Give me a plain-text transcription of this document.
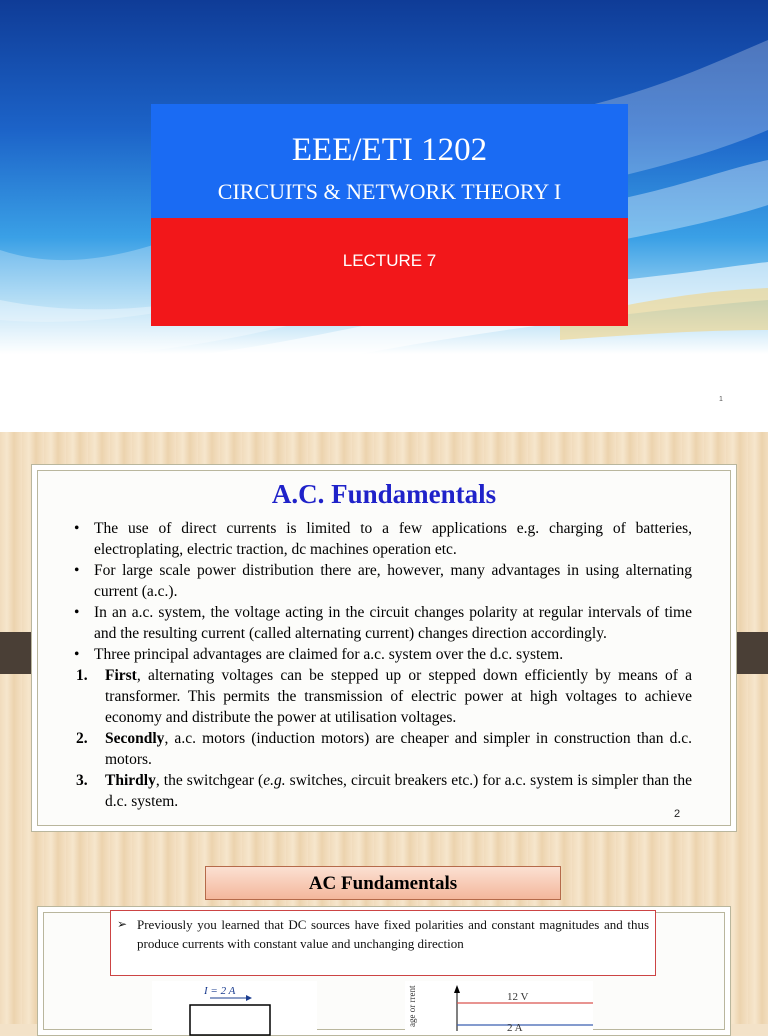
EEE/ETI 1202
CIRCUITS & NETWORK THEORY I
LECTURE 7
1
A.C. Fundamentals
• The use of direct currents is limited to a few applications e.g. charging of batteries, electroplating, electric traction, dc machines operation etc.
• For large scale power distribution there are, however, many advantages in using alternating current (a.c.).
• In an a.c. system, the voltage acting in the circuit changes polarity at regular intervals of time and the resulting current (called alternating current) changes direction accordingly.
• Three principal advantages are claimed for a.c. system over the d.c. system.
1. First, alternating voltages can be stepped up or stepped down efficiently by means of a transformer. This permits the transmission of electric power at high voltages to achieve economy and distribute the power at utilisation voltages.
2. Secondly, a.c. motors (induction motors) are cheaper and simpler in construction than d.c. motors.
3. Thirdly, the switchgear (e.g. switches, circuit breakers etc.) for a.c. system is simpler than the d.c. system.
2
AC Fundamentals
➢ Previously you learned that DC sources have fixed polarities and constant magnitudes and thus produce currents with constant value and unchanging direction
I = 2 A	age or rrent	12 V
2 A
